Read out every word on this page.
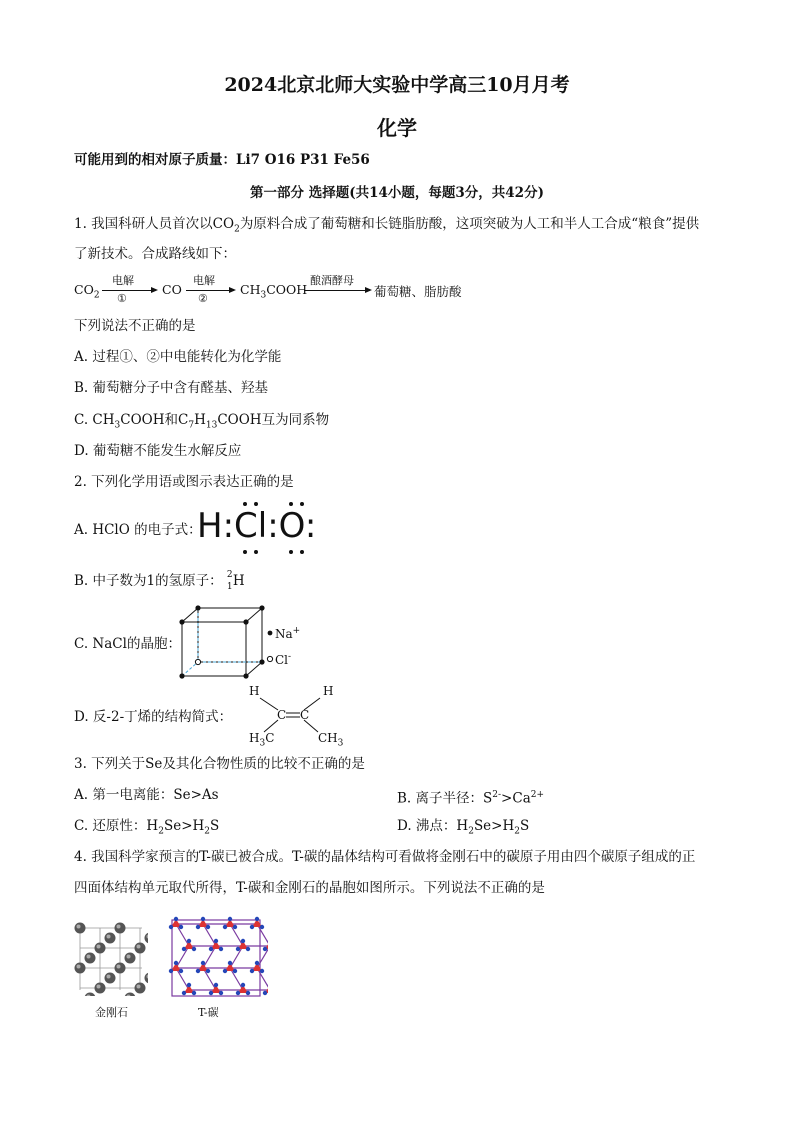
2024北京北师大实验中学高三10月月考
化学
可能用到的相对原子质量：Li7 O16 P31 Fe56
第一部分 选择题(共14小题，每题3分，共42分)
1. 我国科研人员首次以$CO_2$为原料合成了葡萄糖和长链脂肪酸，这项突破为人工和半人工合成“粮食”提供
了新技术。合成路线如下：
$CO_2$
电解
①
CO
电解
②
$CH_3COOH$
酿酒酵母
葡萄糖、脂肪酸
下列说法不正确的是
A. 过程①、②中电能转化为化学能
B. 葡萄糖分子中含有醛基、羟基
C. $CH_3COOH$和$C_7H_{13}COOH$互为同系物
D. 葡萄糖不能发生水解反应
2. 下列化学用语或图示表达正确的是
A. HClO 的电子式：
H:Cl:O:
B. 中子数为1的氢原子： 2
1 H
C. NaCl的晶胞：
Na+
Cl-
D. 反-2-丁烯的结构简式：
H	H
C C
$H_3C$	$CH_3$
3. 下列关于Se及其化合物性质的比较不正确的是
A. 第一电离能：Se>As	B. 离子半径：$S^{2-}>Ca^{2+}$
C. 还原性：$H_2Se>H_2S$	D. 沸点：$H_2Se>H_2S$
4. 我国科学家预言的T-碳已被合成。T-碳的晶体结构可看做将金刚石中的碳原子用由四个碳原子组成的正
四面体结构单元取代所得，T-碳和金刚石的晶胞如图所示。下列说法不正确的是
金刚石	T-碳
